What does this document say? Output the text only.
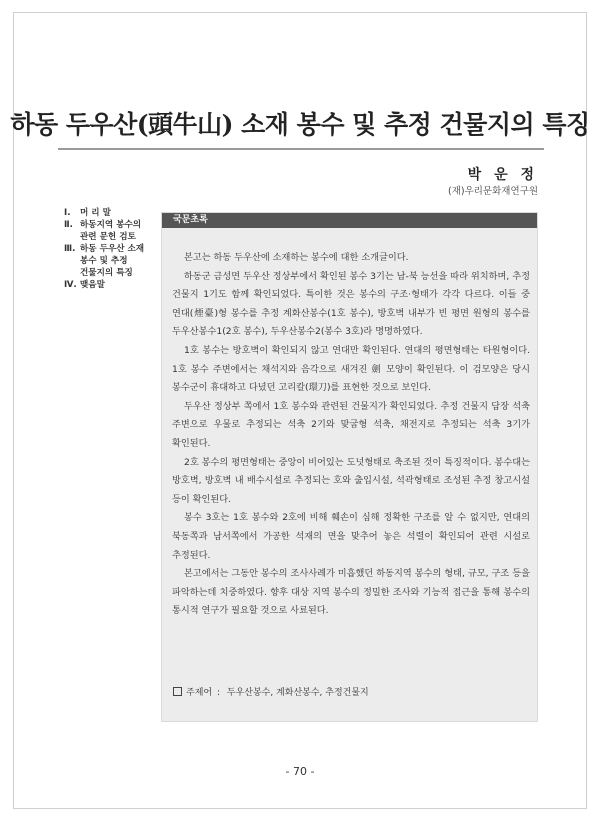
하동 두우산(頭牛山) 소재 봉수 및 추정 건물지의 특징
박 운 정
(재)우리문화재연구원
Ⅰ.	머 리 말
Ⅱ. 하동지역 봉수의 관련 문헌 검토
Ⅲ. 하동 두우산 소재 봉수 및 추정 건물지의 특징
Ⅳ. 맺음말
국문초록

본고는 하동 두우산에 소재하는 봉수에 대한 소개글이다.

하동군 금성면 두우산 정상부에서 확인된 봉수 3기는 남-북 능선을 따라 위치하며, 추정 건물지 1기도 함께 확인되었다. 특이한 것은 봉수의 구조·형태가 각각 다르다. 이들 중 연대(煙臺)형 봉수를 추정 계화산봉수(1호 봉수), 방호벽 내부가 빈 평면 원형의 봉수를 두우산봉수1(2호 봉수), 두우산봉수2(봉수 3호)라 명명하였다.

1호 봉수는 방호벽이 확인되지 않고 연대만 확인된다. 연대의 평면형태는 타원형이다. 1호 봉수 주변에서는 채석지와 음각으로 새겨진 劍 모양이 확인된다. 이 검모양은 당시 봉수군이 휴대하고 다녔던 고리칼(環刀)를 표현한 것으로 보인다.

두우산 정상부 쪽에서 1호 봉수와 관련된 건물지가 확인되었다. 추정 건물지 담장 석축 주변으로 우물로 추정되는 석축 2기와 맞굽형 석축, 채전지로 추정되는 석축 3기가 확인된다.

2호 봉수의 평면형태는 중앙이 비어있는 도넛형태로 축조된 것이 특징적이다. 봉수대는 방호벽, 방호벽 내 배수시설로 추정되는 호와 출입시설, 석곽형태로 조성된 추정 창고시설 등이 확인된다.

봉수 3호는 1호 봉수와 2호에 비해 훼손이 심해 정확한 구조를 알 수 없지만, 연대의 북동쪽과 남서쪽에서 가공한 석재의 면을 맞추어 놓은 석렬이 확인되어 관련 시설로 추정된다.

본고에서는 그동안 봉수의 조사사례가 미흡했던 하동지역 봉수의 형태, 규모, 구조 등을 파악하는데 치중하였다. 향후 대상 지역 봉수의 정밀한 조사와 기능적 접근을 통해 봉수의 통시적 연구가 필요할 것으로 사료된다.

주제어 : 두우산봉수, 계화산봉수, 추정건물지
- 70 -
